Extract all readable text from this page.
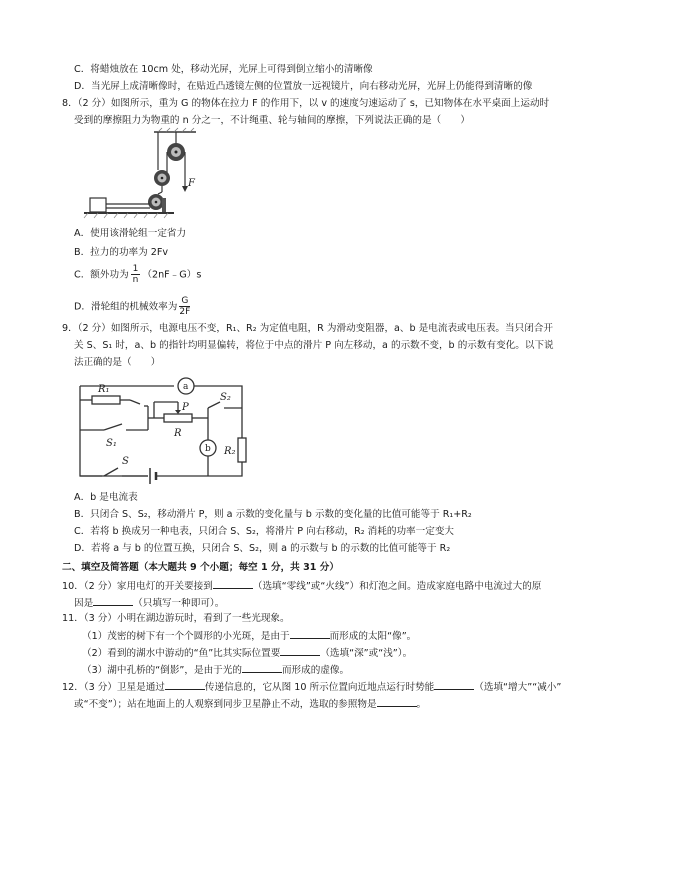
C．将蜡烛放在 10cm 处，移动光屏，光屏上可得到倒立缩小的清晰像
D．当光屏上成清晰像时，在贴近凸透镜左侧的位置放一远视镜片，向右移动光屏，光屏上仍能得到清晰的像
8．（2 分）如图所示，重为 G 的物体在拉力 F 的作用下，以 v 的速度匀速运动了 s，已知物体在水平桌面上运动时
受到的摩擦阻力为物重的 n 分之一，不计绳重、轮与轴间的摩擦，下列说法正确的是（　　）
F
A．使用该滑轮组一定省力
B．拉力的功率为 2Fv
C．额外功为 $\frac{1}{n}$ （2nF﹣G）s
D．滑轮组的机械效率为 $\frac{G}{2F}$
9．（2 分）如图所示，电源电压不变，R₁、R₂ 为定值电阻，R 为滑动变阻器，a、b 是电流表或电压表。当只闭合开
关 S、S₁ 时，a、b 的指针均明显偏转，将位于中点的滑片 P 向左移动，a 的示数不变，b 的示数有变化。以下说
法正确的是（　　）
R₁
S₁
P
R
S₂
R₂
S
a
b
A．b 是电流表
B．只闭合 S、S₂，移动滑片 P，则 a 示数的变化量与 b 示数的变化量的比值可能等于 R₁+R₂
C．若将 b 换成另一种电表，只闭合 S、S₂，将滑片 P 向右移动，R₂ 消耗的功率一定变大
D．若将 a 与 b 的位置互换，只闭合 S、S₂，则 a 的示数与 b 的示数的比值可能等于 R₂
二、填空及简答题（本大题共 9 个小题；每空 1 分，共 31 分）
10．（2 分）家用电灯的开关要接到	（选填“零线”或“火线”）和灯泡之间。造成家庭电路中电流过大的原
因是	（只填写一种即可）。
11．（3 分）小明在湖边游玩时，看到了一些光现象。
（1）茂密的树下有一个个圆形的小光斑，是由于	而形成的太阳“像”。
（2）看到的湖水中游动的“鱼”比其实际位置要	（选填“深”或“浅”）。
（3）湖中孔桥的“倒影”，是由于光的	而形成的虚像。
12．（3 分）卫星是通过	传递信息的，它从图 10 所示位置向近地点运行时势能	（选填“增大”“减小”
或“不变”）；站在地面上的人观察到同步卫星静止不动，选取的参照物是	。
